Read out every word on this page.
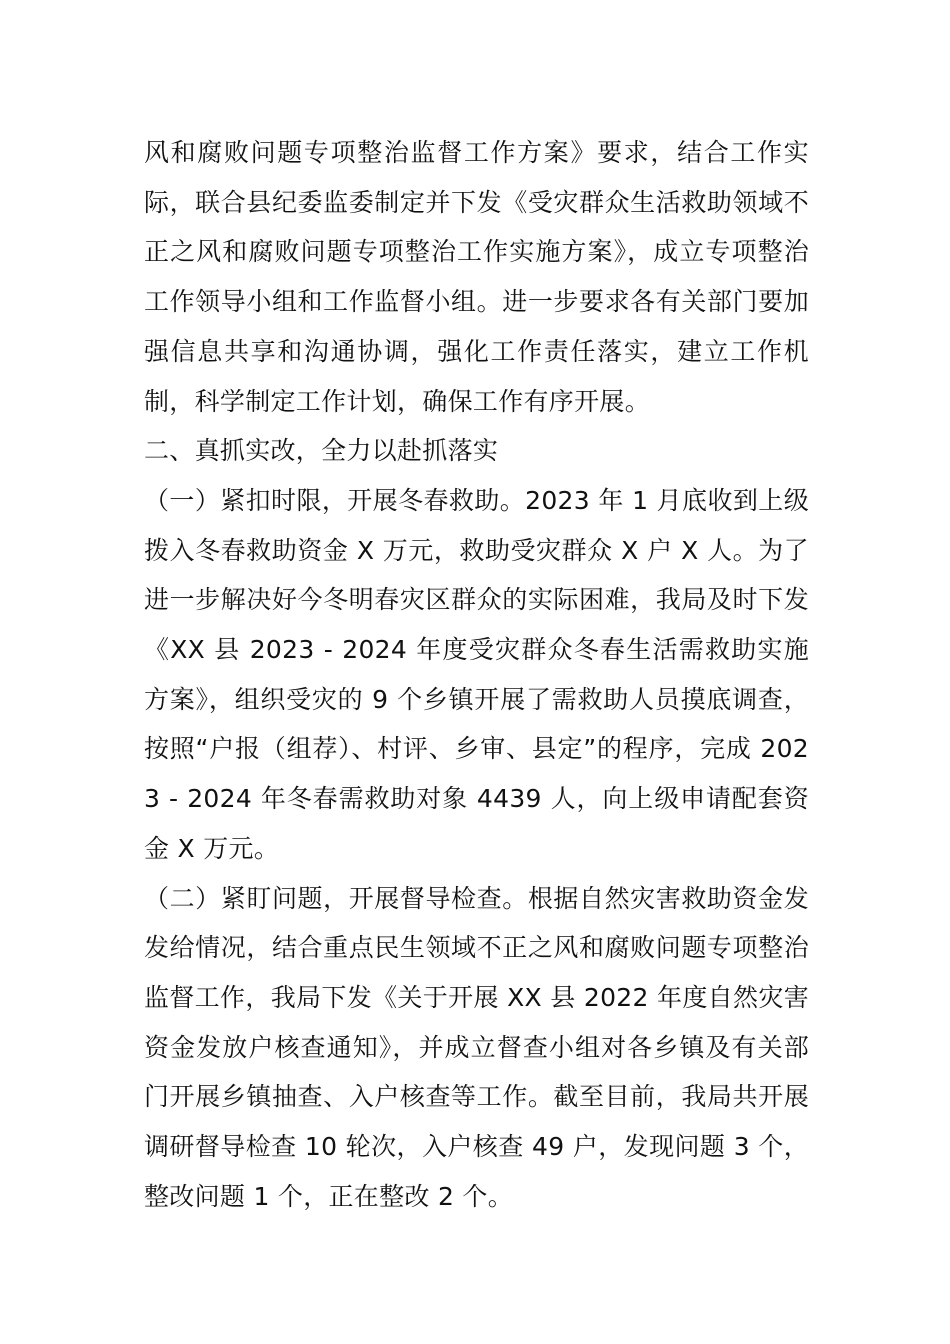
风和腐败问题专项整治监督工作方案》要求，结合工作实际，联合县纪委监委制定并下发《受灾群众生活救助领域不正之风和腐败问题专项整治工作实施方案》，成立专项整治工作领导小组和工作监督小组。进一步要求各有关部门要加强信息共享和沟通协调，强化工作责任落实，建立工作机制，科学制定工作计划，确保工作有序开展。

二、真抓实改，全力以赴抓落实

（一）紧扣时限，开展冬春救助。2023 年 1 月底收到上级拨入冬春救助资金 X 万元，救助受灾群众 X 户 X 人。为了进一步解决好今冬明春灾区群众的实际困难，我局及时下发《XX 县 2023 - 2024 年度受灾群众冬春生活需救助实施方案》，组织受灾的 9 个乡镇开展了需救助人员摸底调查，按照“户报（组荐）、村评、乡审、县定”的程序，完成 2023 - 2024 年冬春需救助对象 4439 人，向上级申请配套资金 X 万元。

（二）紧盯问题，开展督导检查。根据自然灾害救助资金发发给情况，结合重点民生领域不正之风和腐败问题专项整治监督工作，我局下发《关于开展 XX 县 2022 年度自然灾害资金发放户核查通知》，并成立督查小组对各乡镇及有关部门开展乡镇抽查、入户核查等工作。截至目前，我局共开展调研督导检查 10 轮次，入户核查 49 户，发现问题 3 个，整改问题 1 个，正在整改 2 个。
